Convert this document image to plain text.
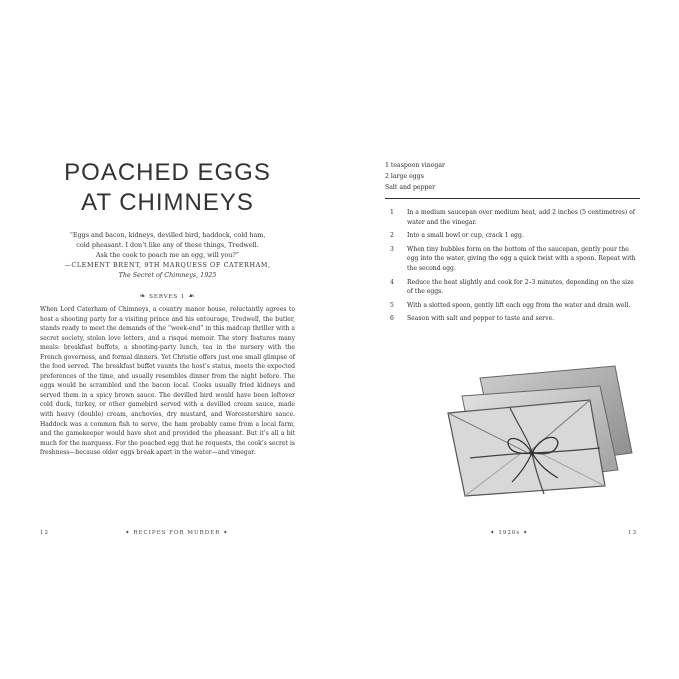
POACHED EGGS
AT CHIMNEYS
“Eggs and bacon, kidneys, devilled bird, haddock, cold ham,
cold pheasant. I don’t like any of these things, Tredwell.
Ask the cook to poach me an egg, will you?”
—CLEMENT BRENT, 9TH MARQUESS OF CATERHAM,
The Secret of Chimneys, 1925
❧ SERVES 1 ☙

When Lord Caterham of Chimneys, a country manor house, reluctantly agrees to host a shooting party for a visiting prince and his entourage, Tredwell, the butler, stands ready to meet the demands of the “week-end” in this madcap thriller with a secret society, stolen love letters, and a risqué memoir. The story features many meals: breakfast buffets, a shooting-party lunch, tea in the nursery with the French governess, and formal dinners. Yet Christie offers just one small glimpse of the food served. The breakfast buffet vaunts the host’s status, meets the expected preferences of the time, and usually resembles dinner from the night before. The eggs would be scrambled and the bacon local. Cooks usually fried kidneys and served them in a spicy brown sauce. The devilled bird would have been leftover cold duck, turkey, or other gamebird served with a devilled cream sauce, made with heavy (double) cream, anchovies, dry mustard, and Worcestershire sauce. Haddock was a common fish to serve, the ham probably came from a local farm, and the gamekeeper would have shot and provided the pheasant. But it’s all a bit much for the marquess. For the poached egg that he requests, the cook’s secret is freshness—because older eggs break apart in the water—and vinegar.

12	✦ RECIPES FOR MURDER ✦
1 teaspoon vinegar
2 large eggs
Salt and pepper
1 In a medium saucepan over medium heat, add 2 inches (5 centimetres) of water and the vinegar.
2 Into a small bowl or cup, crack 1 egg.
3 When tiny bubbles form on the bottom of the saucepan, gently pour the egg into the water, giving the egg a quick twist with a spoon. Repeat with the second egg.
4 Reduce the heat slightly and cook for 2–3 minutes, depending on the size of the eggs.
5 With a slotted spoon, gently lift each egg from the water and drain well.
6 Season with salt and pepper to taste and serve.
✦ 1920s ✦	13
